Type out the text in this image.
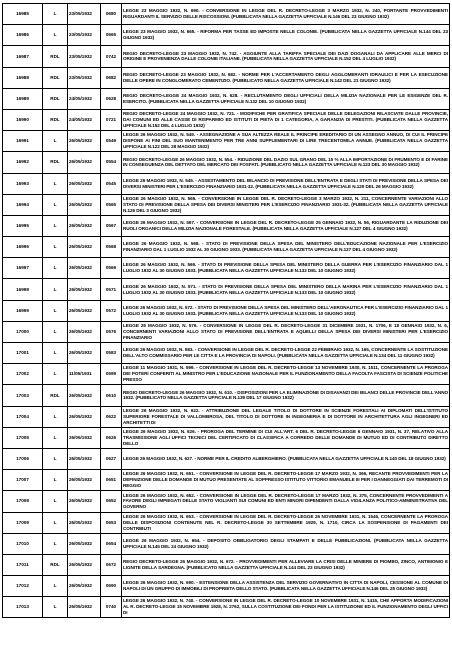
16985	L	23/05/1932	0680	LEGGE 23 MAGGIO 1932, N. 690. - CONVERSIONE IN LEGGE DEL R. DECRETO-LEGGE 3 MARZO 1932, N. 240, PORTANTE PROVVEDIMENTI RIGUARDANTI IL SERVIZIO DELLE RISCOSSIONI. (PUBBLICATA NELLA GAZZETTA UFFICIALE N.146 DEL 23 GIUGNO 1932)

16986	L	23/05/1932	0665	LEGGE 23 MAGGIO 1932, N. 665. - RIFORMA PER TASSE ED IMPOSTE NELLE COLONIE. (PUBBLICATA NELLA GAZZETTA UFFICIALE N.144 DEL 23 GIUGNO 1932)

16987	RDL	23/05/1932	0742	REGIO DECRETO-LEGGE 23 MAGGIO 1932, N. 742. - AGGIUNTE ALLA TARIFFA SPECIALE DEI DAZI DOGANALI DA APPLICARE ALLE MERCI DI ORIGINE E PROVENIENZA DALLE COLONIE ITALIANE. (PUBBLICATA NELLA GAZZETTA UFFICIALE N.152 DEL 4 LUGLIO 1932)

16988	RDL	23/05/1932	0682	REGIO DECRETO-LEGGE 23 MAGGIO 1932, N. 682. - NORME PER L'ACCERTAMENTO DEGLI AGGLOMERANTI IDRAULICI E PER LA ESECUZIONE DELLE OPERE IN CONGLOMERATO CEMENTIZIO. (PUBBLICATO NELLA GAZZETTA UFFICIALE N.142 DEL 21 GIUGNO 1932)

16989	RDL	24/05/1932	0628	REGIO DECRETO-LEGGE 24 MAGGIO 1932, N. 628. - RECLUTAMENTO DEGLI UFFICIALI DELLA MILIZIA NAZIONALE PER LE ESIGENZE DEL R. ESERCITO. (PUBBLICATA NELLA GAZZETTA UFFICIALE N.132 DEL 10 GIUGNO 1932)

16990	RDL	24/05/1932	0721	REGIO DECRETO-LEGGE 24 MAGGIO 1932, N. 721. - MODIFICHE PER GRATIFICA SPECIALE DELLE DELEGAZIONI RILASCIATE DALLE PROVINCIE, DAI COMUNI ED ALLE CASSE DI RISPARMIO ED ISTITUTI DI PIETA DI 1 CATEGORIA, A GARANZIA DI PRESTITI. (PUBBLICATA NELLA GAZZETTA UFFICIALE N.152 DEL 4 LUGLIO 1932)

16991	L	26/05/1932	0549	LEGGE 26 MAGGIO 1932, N. 549. - ASSEGNAZIONE A SUA ALTEZZA REALE IL PRINCIPE EREDITARIO DI UN ASSEGNO ANNUO, DI CUI IL PRINCIPE DISPONE AI FINI DEL SUO MANTENIMENTO PER TRE ANNI SUPPLEMENTARI DI LIRE TRECENTOMILA ANNUE. (PUBBLICATA NELLA GAZZETTA UFFICIALE N.122 DEL 28 MAGGIO 1932)

16992	RDL	26/05/1932	0554	REGIO DECRETO-LEGGE 26 MAGGIO 1932, N. 554. - RIDUZIONE DEL DAZIO SUL GRANO DEL 15 % ALLA IMPORTAZIONE DI FRUMENTO E DI FARINE IN CONSEGUENZA DEL DETTATO DEL MERCATO DEI FOSFATI. (PUBBLICATO NELLA GAZZETTA UFFICIALE N.123 DEL 30 MAGGIO 1932)

16993	L	26/05/1932	0545	LEGGE 26 MAGGIO 1932, N. 545. - ASSESTAMENTO DEL BILANCIO DI PREVISIONE DELL'ENTRATA E DEGLI STATI DI PREVISIONE DELLA SPESA DEI DIVERSI MINISTERI PER L'ESERCIZIO FINANZIARIO 1931-32. (PUBBLICATA NELLA GAZZETTA UFFICIALE N.120 DEL 26 MAGGIO 1932)

16994	L	26/05/1932	0565	LEGGE 26 MAGGIO 1932, N. 565. - CONVERSIONE IN LEGGE DEL R. DECRETO-LEGGE 3 MARZO 1932, N. 211, CONCERNENTE VARIAZIONI ALLO STATO DI PREVISIONE DELLA SPESA DEI DIVERSI MINISTERI PER L'ESERCIZIO FINANZIARIO 1931-32. (PUBBLICATA NELLA GAZZETTA UFFICIALE N.126 DEL 3 GIUGNO 1932)

16995	L	26/05/1932	0567	LEGGE 26 MAGGIO 1932, N. 567. - CONVERSIONE IN LEGGE DEL R. DECRETO-LEGGE 25 GENNAIO 1932, N. 56, RIGUARDANTE LA RIDUZIONE DEI RUOLI ORGANICI DELLA MILIZIA NAZIONALE FORESTALE. (PUBBLICATA NELLA GAZZETTA UFFICIALE N.127 DEL 4 GIUGNO 1932)

16996	L	26/05/1932	0568	LEGGE 26 MAGGIO 1932, N. 568. - STATO DI PREVISIONE DELLA SPESA DEL MINISTERO DELL'EDUCAZIONE NAZIONALE PER L'ESERCIZIO FINANZIARIO DAL 1 LUGLIO 1932 AL 30 GIUGNO 1933. (PUBBLICATA NELLA GAZZETTA UFFICIALE N.127 DEL 4 GIUGNO 1932)

16997	L	26/05/1932	0569	LEGGE 26 MAGGIO 1932, N. 569. - STATO DI PREVISIONE DELLA SPESA DEL MINISTERO DELLA GUERRA PER L'ESERCIZIO FINANZIARIO DAL 1 LUGLIO 1932 AL 30 GIUGNO 1933. (PUBBLICATA NELLA GAZZETTA UFFICIALE N.132 DEL 10 GIUGNO 1932)

16998	L	26/05/1932	0571	LEGGE 26 MAGGIO 1932, N. 571. - STATO DI PREVISIONE DELLA SPESA DEL MINISTERO DELLA MARINA PER L'ESERCIZIO FINANZIARIO DAL 1 LUGLIO 1932 AL 30 GIUGNO 1933. (PUBBLICATA NELLA GAZZETTA UFFICIALE N.133 DEL 10 GIUGNO 1932)

16999	L	26/05/1932	0572	LEGGE 26 MAGGIO 1932, N. 572. - STATO DI PREVISIONE DELLA SPESA DEL MINISTERO DELL'AERONAUTICA PER L'ESERCIZIO FINANZIARIO DAL 1 LUGLIO 1932 AL 30 GIUGNO 1933. (PUBBLICATA NELLA GAZZETTA UFFICIALE N.133 DEL 10 GIUGNO 1932)

17000	L	26/05/1932	0576	LEGGE 26 MAGGIO 1932, N. 576. - CONVERSIONE IN LEGGE DEL R. DECRETO-LEGGE 31 DICEMBRE 1931, N. 1706, E 18 GENNAIO 1932, N. 6, CONCERNENTI VARIAZIONI ALLO STATO DI PREVISIONE DELL'ENTRATA E AQUELLI DELLA SPESA DEI DIVERSI MINISTERI PER L'ESERCIZIO FINANZIARIO

17001	L	26/05/1932	0583	LEGGE 26 MAGGIO 1932, N. 583. - CONVERSIONE IN LEGGE DEL R. DECRETO-LEGGE 22 FEBBRAIO 1932, N. 165, CONCERNENTE LA SOSTITUZIONE DELL'ALTO COMMISSARIO PER LE CITTA E LA PROVINCIA DI NAPOLI. (PUBBLICATA NELLA GAZZETTA UFFICIALE N.134 DEL 11 GIUGNO 1932)

17002	L	11/05/1931	0599	LEGGE 11 MAGGIO 1931, N. 599. - CONVERSIONE IN LEGGE DEL R. DECRETO-LEGGE 13 NOVEMBRE 1930, N. 1511, CONCERNENTE LA PROROGA DEI POTERI CONFERITI AL MINISTRO PER L'EDUCAZIONE NAZIONALE PER IL FUNZIONAMENTO DELLA FACOLTA FASCISTA DI SCIENZE POLITICHE PRESSO

17003	RDL	26/05/1932	0610	REGIO DECRETO-LEGGE 26 MAGGIO 1932, N. 610. - DISPOSIZIONI PER LA ELIMINAZIONE DI DISAVANZI DEI BILANCI DELLE PROVINCIE DELL'ANNO 1932. (PUBBLICATO NELLA GAZZETTA UFFICIALE N.139 DEL 17 GIUGNO 1932)

17004	L	26/05/1932	0622	LEGGE 26 MAGGIO 1932, N. 622. - ATTRIBUZIONE DEL LEGALE TITOLO DI DOTTORE IN SCIENZE FORESTALI AI DIPLOMATI DELL'ISTITUTO SUPERIORE FORESTALE DI VALLOMBROSA, DEL TITOLO DI DOTTORE IN INGEGNERIA E DI DOTTORE IN ARCHITETTURA AGLI INGEGNERI ED ARCHITETTI DI

17005	L	26/05/1932	0626	LEGGE 26 MAGGIO 1932, N. 626. - PROROGA DEL TERMINE DI CUI ALL'ART. 6 DEL R. DECRETO-LEGGE 6 GENNAIO 1931, N. 37, RELATIVO ALLA TRASMISSIONE AGLI UFFICI TECNICI DEL CERTIFICATO DI CLASSIFICA A CORREDO DELLE DOMANDE DI MUTUO ED DI CONTRIBUTO DIRETTO DELLO

17006	L	26/05/1932	0627	LEGGE 26 MAGGIO 1932, N. 627. - NORME PER IL CREDITO ALBERGHIERO. (PUBBLICATA NELLA GAZZETTA UFFICIALE N.140 DEL 18 GIUGNO 1932)

17007	L	26/05/1932	0651	LEGGE 26 MAGGIO 1932, N. 651. - CONVERSIONE IN LEGGE DEL R. DECRETO-LEGGE 17 MARZO 1932, N. 366, RECANTE PROVVEDIMENTI PER LA DEFINIZIONE DELLE DOMANDE DI MUTUO PRESENTATE AL SOPPRESSO ISTITUTO VITTORIO EMANUELE III PER I DANNEGGIATI DAI TERREMOTI DI REGGIO

17008	L	26/05/1932	0652	LEGGE 26 MAGGIO 1932, N. 652. - CONVERSIONE IN LEGGE DEL R. DECRETO-LEGGE 17 MARZO 1932, N. 375, CONCERNENTE PROVVEDIMENTI A FAVORE DEGLI IMPIEGATI DELLE STATO VIGLIANTI SUI COMUNI ED ENTI MINORI DIPENDENTI DALLA VIGILANZA POLITICO-AMMINISTRATIVA DEL GOVERNO

17009	L	26/05/1932	0653	LEGGE 26 MAGGIO 1932, N. 653. - CONVERSIONE IN LEGGE DEL R. DECRETO-LEGGE 26 NOVEMBRE 1931, N. 1546, CONCERNENTE LA PROROGA DELLE DISPOSIZIONI CONTENUTE NEL R. DECRETO-LEGGE 30 SETTEMBRE 1929, N. 1710, CIRCA LA SOSPENSIONE DI PAGAMENTI DEI CONTRIBUTI

17010	L	26/05/1932	0654	LEGGE 26 MAGGIO 1932, N. 654. - DEPOSITO OBBLIGATORIO DEGLI STAMPATI E DELLE PUBBLICAZIONI. (PUBBLICATA NELLA GAZZETTA UFFICIALE N.145 DEL 24 GIUGNO 1932)

17011	RDL	26/05/1932	0672	REGIO DECRETO-LEGGE 26 MAGGIO 1932, N. 672. - PROVVEDIMENTI PER ALLEVIARE LA CRISI DELLE MINIERE DI PIOMBO, ZINCO, ANTIMONIO E LIGNITE DELLA SARDEGNA. (PUBBLICATO NELLA GAZZETTA UFFICIALE N.144 DEL 23 GIUGNO 1932)

17012	L	26/05/1932	0690	LEGGE 26 MAGGIO 1932, N. 690. - ESTENSIONE DELLA ASSISTENZA DEL SERVIZIO GOVERNATIVO IN CITTA DI NAPOLI, CESSIONE AL COMUNE DI NAPOLI DI UN GRUPPO DI IMMOBILI DI PROPRIETA DELLO STATO. (PUBBLICATA NELLA GAZZETTA UFFICIALE N.146 DEL 25 GIUGNO 1932)

17013	L	26/05/1932	0740	LEGGE 26 MAGGIO 1932, N. 740. - CONVERSIONE IN LEGGE DEL R. DECRETO-LEGGE 10 NOVEMBRE 1931, N. 1415, CHE APPORTA MODIFICAZIONI AL R. DECRETO-LEGGE 15 NOVEMBRE 1928, N. 2762, SULLA COSTITUZIONE DEI FONDI PER LA ISTITUZIONE ED IL FUNZIONAMENTO DEGLI UFFICI DI
